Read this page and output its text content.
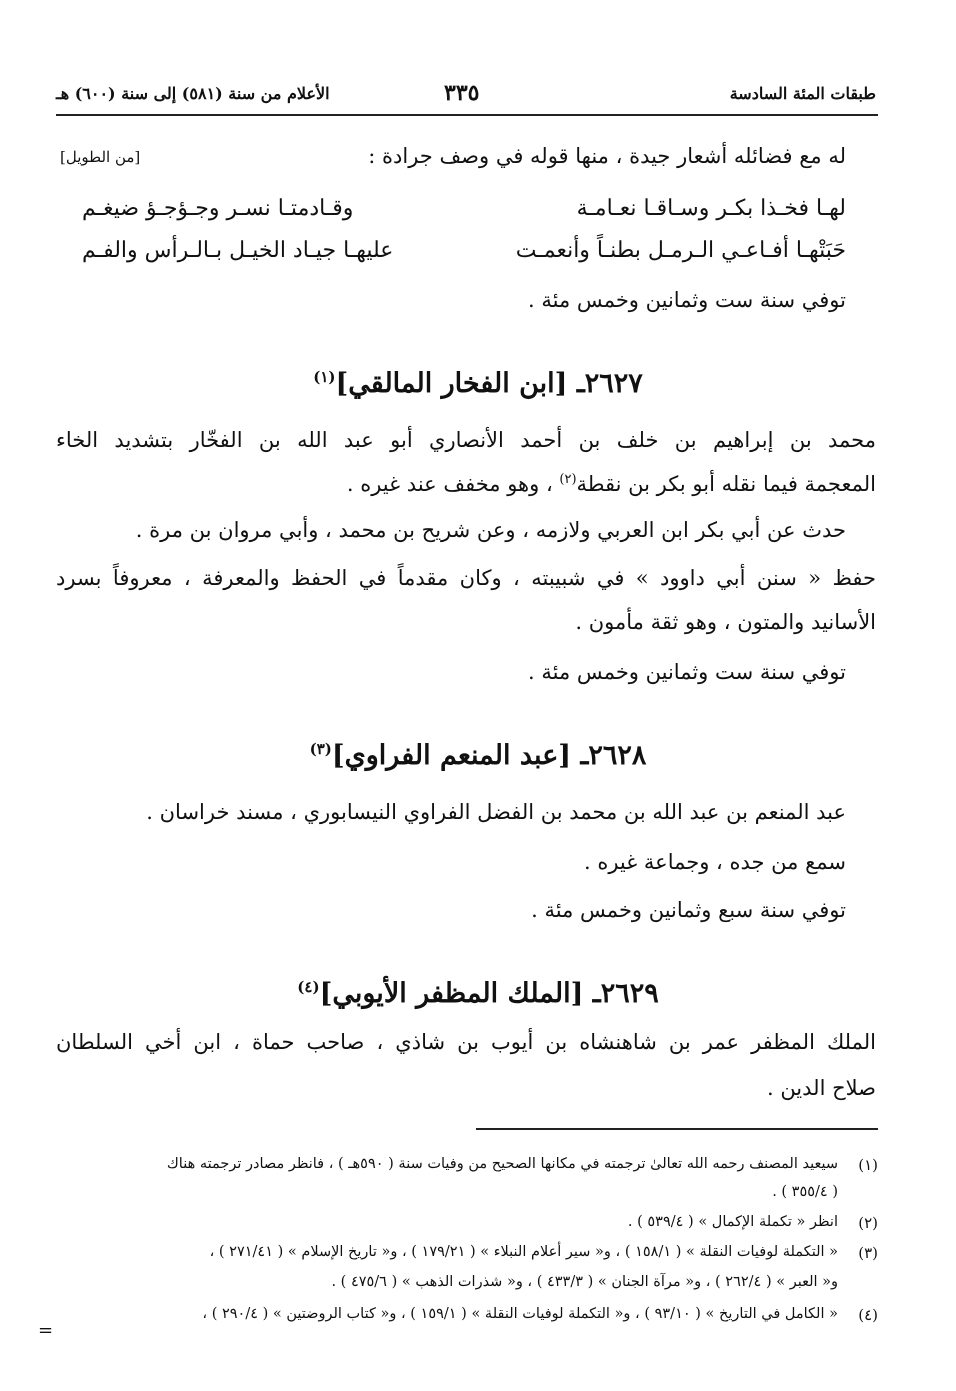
طبقات المئة السادسة
٣٣٥
الأعلام من سنة (٥٨١) إلى سنة (٦٠٠) هـ
له مع فضائله أشعار جيدة ، منها قوله في وصف جرادة :
[من الطويل]
لهـا فخـذا بكـر وسـاقـا نعـامـة
وقـادمتـا نسـر وجـؤجـؤ ضيغـم
حَبَتْهـا أفـاعـي الـرمـل بطنـاً وأنعمـت
عليهـا جيـاد الخيـل بـالـرأس والفـم
توفي سنة ست وثمانين وخمس مئة .
٢٦٢٧ـ [ابن الفخار المالقي]$^{(١)}$
محمد بن إبراهيم بن خلف بن أحمد الأنصاري أبو عبد الله بن الفخّار بتشديد الخاء
المعجمة فيما نقله أبو بكر بن نقطة$^{(٢)}$ ، وهو مخفف عند غيره .
حدث عن أبي بكر ابن العربي ولازمه ، وعن شريح بن محمد ، وأبي مروان بن مرة .
حفظ « سنن أبي داوود » في شبيبته ، وكان مقدماً في الحفظ والمعرفة ، معروفاً بسرد
الأسانيد والمتون ، وهو ثقة مأمون .
توفي سنة ست وثمانين وخمس مئة .
٢٦٢٨ـ [عبد المنعم الفراوي]$^{(٣)}$
عبد المنعم بن عبد الله بن محمد بن الفضل الفراوي النيسابوري ، مسند خراسان .
سمع من جده ، وجماعة غيره .
توفي سنة سبع وثمانين وخمس مئة .
٢٦٢٩ـ [الملك المظفر الأيوبي]$^{(٤)}$
الملك المظفر عمر بن شاهنشاه بن أيوب بن شاذي ، صاحب حماة ، ابن أخي السلطان
صلاح الدين .
(١)
سيعيد المصنف رحمه الله تعالىٰ ترجمته في مكانها الصحيح من وفيات سنة ( ٥٩٠هـ ) ، فانظر مصادر ترجمته هناك
( ٣٥٥/٤ ) .
(٢)
انظر « تكملة الإكمال » ( ٥٣٩/٤ ) .
(٣)
« التكملة لوفيات النقلة » ( ١٥٨/١ ) ، و« سير أعلام النبلاء » ( ١٧٩/٢١ ) ، و« تاريخ الإسلام » ( ٢٧١/٤١ ) ،
و« العبر » ( ٢٦٢/٤ ) ، و« مرآة الجنان » ( ٤٣٣/٣ ) ، و« شذرات الذهب » ( ٤٧٥/٦ ) .
(٤)
« الكامل في التاريخ » ( ٩٣/١٠ ) ، و« التكملة لوفيات النقلة » ( ١٥٩/١ ) ، و« كتاب الروضتين » ( ٢٩٠/٤ ) ،
=
